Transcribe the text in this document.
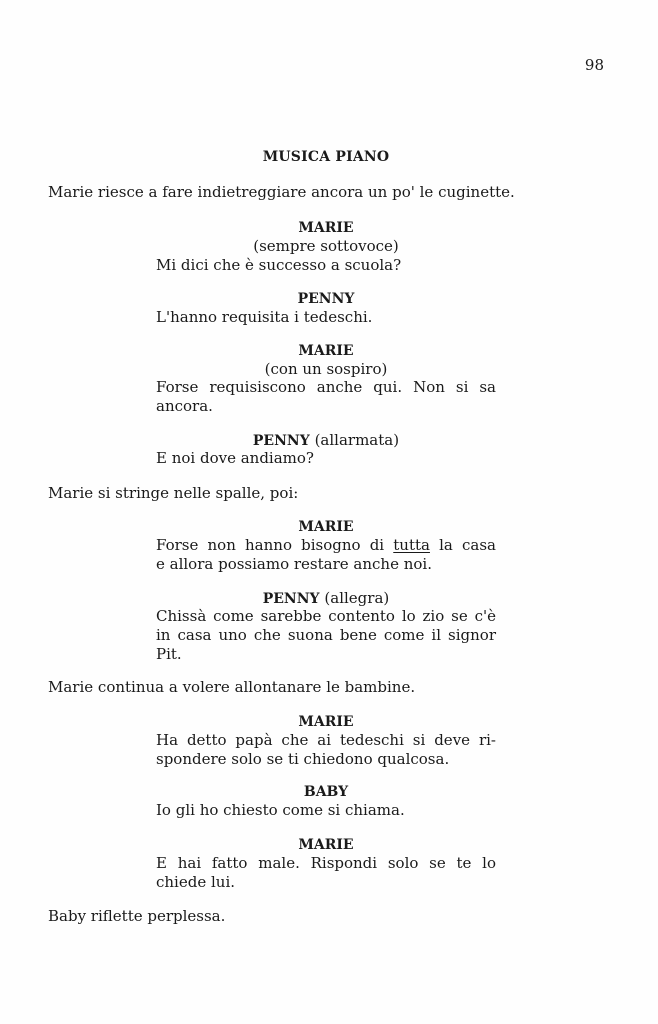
98
MUSICA PIANO
Marie riesce a fare indietreggiare ancora un po' le cuginette.
MARIE
(sempre sottovoce)
Mi dici che è successo a scuola?
PENNY
L'hanno requisita i tedeschi.
MARIE
(con un sospiro)
Forse requisiscono anche qui. Non si sa
ancora.
PENNY (allarmata)
E noi dove andiamo?
Marie si stringe nelle spalle, poi:
MARIE
Forse non hanno bisogno di tutta la casa
e allora possiamo restare anche noi.
PENNY (allegra)
Chissà come sarebbe contento lo zio se c'è
in casa uno che suona bene come il signor
Pit.
Marie continua a volere allontanare le bambine.
MARIE
Ha detto papà che ai tedeschi si deve ri-
spondere solo se ti chiedono qualcosa.
BABY
Io gli ho chiesto come si chiama.
MARIE
E hai fatto male. Rispondi solo se te lo
chiede lui.
Baby riflette perplessa.
